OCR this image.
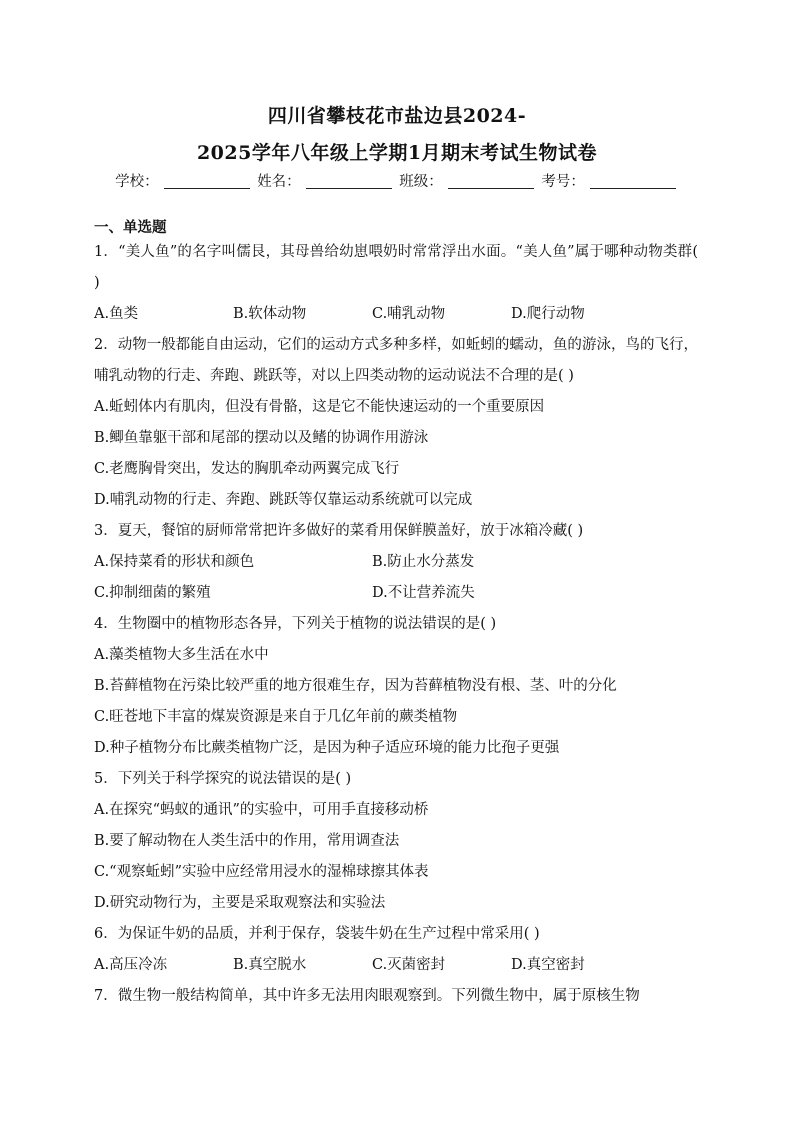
四川省攀枝花市盐边县2024-
2025学年八年级上学期1月期末考试生物试卷
学校：	姓名：	班级：	考号：
一、单选题
1．“美人鱼”的名字叫儒艮，其母兽给幼崽喂奶时常常浮出水面。“美人鱼”属于哪种动物类群( )
A.鱼类	B.软体动物	C.哺乳动物	D.爬行动物
2．动物一般都能自由运动，它们的运动方式多种多样，如蚯蚓的蠕动，鱼的游泳，鸟的飞行，哺乳动物的行走、奔跑、跳跃等，对以上四类动物的运动说法不合理的是( )
A.蚯蚓体内有肌肉，但没有骨骼，这是它不能快速运动的一个重要原因
B.鲫鱼靠躯干部和尾部的摆动以及鳍的协调作用游泳
C.老鹰胸骨突出，发达的胸肌牵动两翼完成飞行
D.哺乳动物的行走、奔跑、跳跃等仅靠运动系统就可以完成
3．夏天，餐馆的厨师常常把许多做好的菜肴用保鲜膜盖好，放于冰箱冷藏( )
A.保持菜肴的形状和颜色	B.防止水分蒸发
C.抑制细菌的繁殖	D.不让营养流失
4．生物圈中的植物形态各异，下列关于植物的说法错误的是( )
A.藻类植物大多生活在水中
B.苔藓植物在污染比较严重的地方很难生存，因为苔藓植物没有根、茎、叶的分化
C.旺苍地下丰富的煤炭资源是来自于几亿年前的蕨类植物
D.种子植物分布比蕨类植物广泛，是因为种子适应环境的能力比孢子更强
5．下列关于科学探究的说法错误的是( )
A.在探究“蚂蚁的通讯”的实验中，可用手直接移动桥
B.要了解动物在人类生活中的作用，常用调查法
C.“观察蚯蚓”实验中应经常用浸水的湿棉球擦其体表
D.研究动物行为，主要是采取观察法和实验法
6．为保证牛奶的品质，并利于保存，袋装牛奶在生产过程中常采用( )
A.高压冷冻	B.真空脱水	C.灭菌密封	D.真空密封
7．微生物一般结构简单，其中许多无法用肉眼观察到。下列微生物中，属于原核生物
